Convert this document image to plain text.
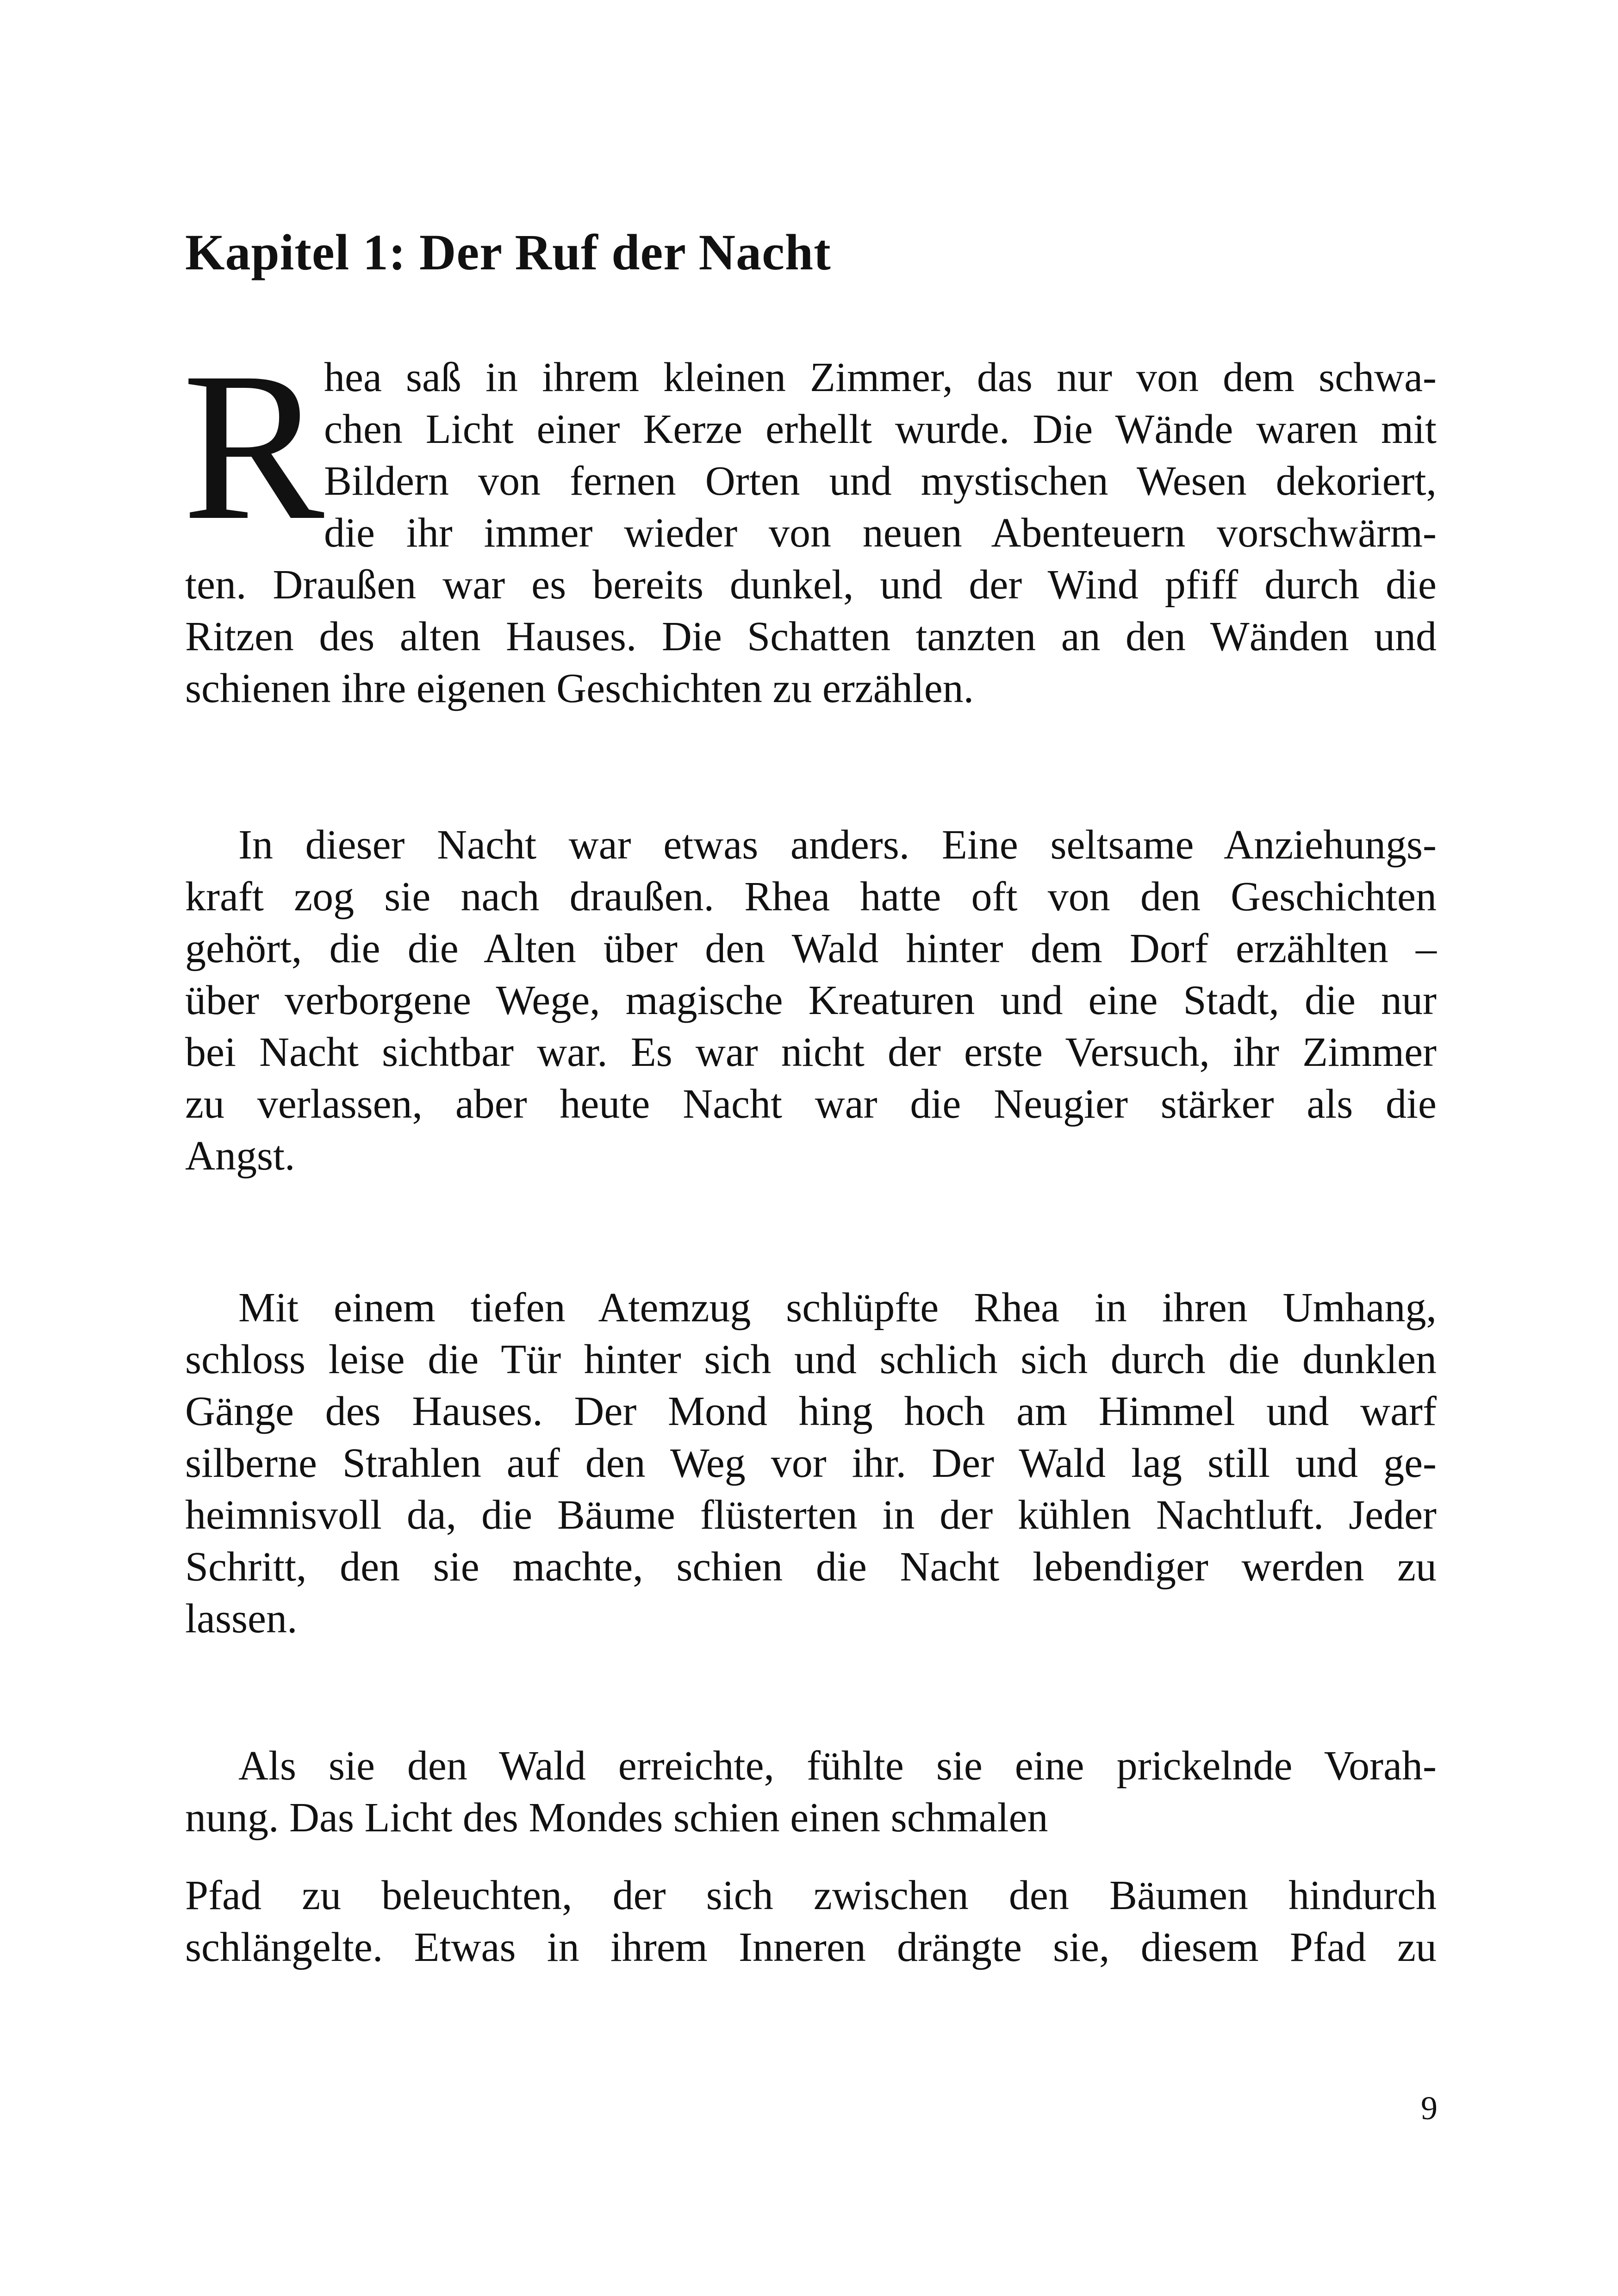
Kapitel 1: Der Ruf der Nacht
R hea saß in ihrem kleinen Zimmer, das nur von dem schwa-
chen Licht einer Kerze erhellt wurde. Die Wände waren mit
Bildern von fernen Orten und mystischen Wesen dekoriert,
die ihr immer wieder von neuen Abenteuern vorschwärm-
ten. Draußen war es bereits dunkel, und der Wind pfiff durch die
Ritzen des alten Hauses. Die Schatten tanzten an den Wänden und
schienen ihre eigenen Geschichten zu erzählen.
In dieser Nacht war etwas anders. Eine seltsame Anziehungs-
kraft zog sie nach draußen. Rhea hatte oft von den Geschichten
gehört, die die Alten über den Wald hinter dem Dorf erzählten –
über verborgene Wege, magische Kreaturen und eine Stadt, die nur
bei Nacht sichtbar war. Es war nicht der erste Versuch, ihr Zimmer
zu verlassen, aber heute Nacht war die Neugier stärker als die
Angst.
Mit einem tiefen Atemzug schlüpfte Rhea in ihren Umhang,
schloss leise die Tür hinter sich und schlich sich durch die dunklen
Gänge des Hauses. Der Mond hing hoch am Himmel und warf
silberne Strahlen auf den Weg vor ihr. Der Wald lag still und ge-
heimnisvoll da, die Bäume flüsterten in der kühlen Nachtluft. Jeder
Schritt, den sie machte, schien die Nacht lebendiger werden zu
lassen.
Als sie den Wald erreichte, fühlte sie eine prickelnde Vorah-
nung. Das Licht des Mondes schien einen schmalen
Pfad zu beleuchten, der sich zwischen den Bäumen hindurch
schlängelte. Etwas in ihrem Inneren drängte sie, diesem Pfad zu
9
